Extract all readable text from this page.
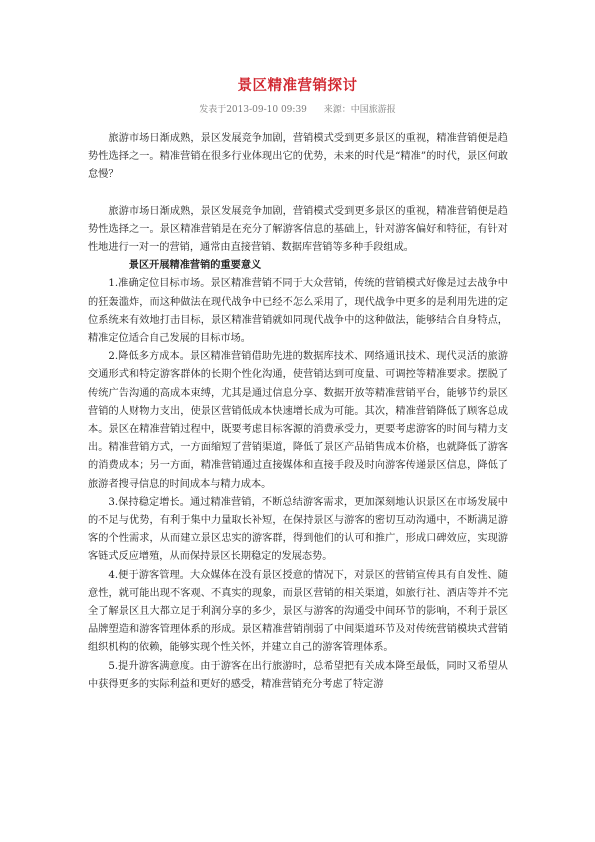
景区精准营销探讨
发表于2013-09-10 09:39 来源：中国旅游报

旅游市场日渐成熟，景区发展竞争加剧，营销模式受到更多景区的重视，精准营销便是趋势性选择之一。精准营销在很多行业体现出它的优势，未来的时代是“精准”的时代，景区何敢怠慢？

旅游市场日渐成熟，景区发展竞争加剧，营销模式受到更多景区的重视，精准营销便是趋势性选择之一。景区精准营销是在充分了解游客信息的基础上，针对游客偏好和特征，有针对性地进行一对一的营销，通常由直接营销、数据库营销等多种手段组成。

景区开展精准营销的重要意义

1.准确定位目标市场。景区精准营销不同于大众营销，传统的营销模式好像是过去战争中的狂轰滥炸，而这种做法在现代战争中已经不怎么采用了，现代战争中更多的是利用先进的定位系统来有效地打击目标，景区精准营销就如同现代战争中的这种做法，能够结合自身特点，精准定位适合自己发展的目标市场。

2.降低多方成本。景区精准营销借助先进的数据库技术、网络通讯技术、现代灵活的旅游交通形式和特定游客群体的长期个性化沟通，使营销达到可度量、可调控等精准要求。摆脱了传统广告沟通的高成本束缚，尤其是通过信息分享、数据开放等精准营销平台，能够节约景区营销的人财物力支出，使景区营销低成本快速增长成为可能。其次，精准营销降低了顾客总成本。景区在精准营销过程中，既要考虑目标客源的消费承受力，更要考虑游客的时间与精力支出。精准营销方式，一方面缩短了营销渠道，降低了景区产品销售成本价格，也就降低了游客的消费成本；另一方面，精准营销通过直接媒体和直接手段及时向游客传递景区信息，降低了旅游者搜寻信息的时间成本与精力成本。

3.保持稳定增长。通过精准营销，不断总结游客需求，更加深刻地认识景区在市场发展中的不足与优势，有利于集中力量取长补短，在保持景区与游客的密切互动沟通中，不断满足游客的个性需求，从而建立景区忠实的游客群，得到他们的认可和推广，形成口碑效应，实现游客链式反应增殖，从而保持景区长期稳定的发展态势。

4.便于游客管理。大众媒体在没有景区授意的情况下，对景区的营销宣传具有自发性、随意性，就可能出现不客观、不真实的现象，而景区营销的相关渠道，如旅行社、酒店等并不完全了解景区且大都立足于利润分享的多少，景区与游客的沟通受中间环节的影响，不利于景区品牌塑造和游客管理体系的形成。景区精准营销削弱了中间渠道环节及对传统营销模块式营销组织机构的依赖，能够实现个性关怀，并建立自己的游客管理体系。

5.提升游客满意度。由于游客在出行旅游时，总希望把有关成本降至最低，同时又希望从中获得更多的实际利益和更好的感受，精准营销充分考虑了特定游
